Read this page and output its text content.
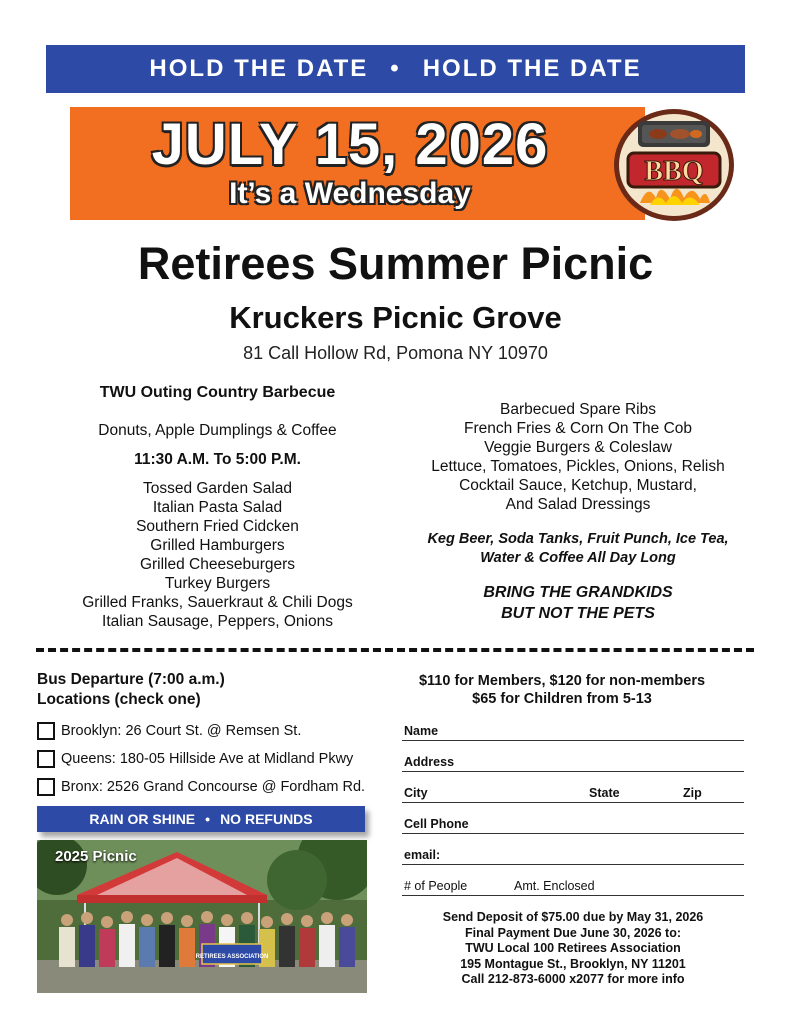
HOLD THE DATE • HOLD THE DATE
JULY 15, 2026
It’s a Wednesday
BBQ
Retirees Summer Picnic
Kruckers Picnic Grove
81 Call Hollow Rd, Pomona NY 10970
TWU Outing Country Barbecue
Donuts, Apple Dumplings & Coffee
11:30 A.M. To 5:00 P.M.
Tossed Garden Salad
Italian Pasta Salad
Southern Fried Cidcken
Grilled Hamburgers
Grilled Cheeseburgers
Turkey Burgers
Grilled Franks, Sauerkraut & Chili Dogs
Italian Sausage, Peppers, Onions
Barbecued Spare Ribs
French Fries & Corn On The Cob
Veggie Burgers & Coleslaw
Lettuce, Tomatoes, Pickles, Onions, Relish
Cocktail Sauce, Ketchup, Mustard,
And Salad Dressings
Keg Beer, Soda Tanks, Fruit Punch, Ice Tea,
Water & Coffee All Day Long
BRING THE GRANDKIDS
BUT NOT THE PETS
Bus Departure (7:00 a.m.)
Locations (check one)
Brooklyn: 26 Court St. @ Remsen St.
Queens: 180-05 Hillside Ave at Midland Pkwy
Bronx: 2526 Grand Concourse @ Fordham Rd.
RAIN OR SHINE • NO REFUNDS
RETIREES ASSOCIATION
2025 Picnic
$110 for Members, $120 for non-members
$65 for Children from 5-13
Name
Address
City	State	Zip
Cell Phone
email:
# of People	Amt. Enclosed
Send Deposit of $75.00 due by May 31, 2026
Final Payment Due June 30, 2026 to:
TWU Local 100 Retirees Association
195 Montague St., Brooklyn, NY 11201
Call 212-873-6000 x2077 for more info
